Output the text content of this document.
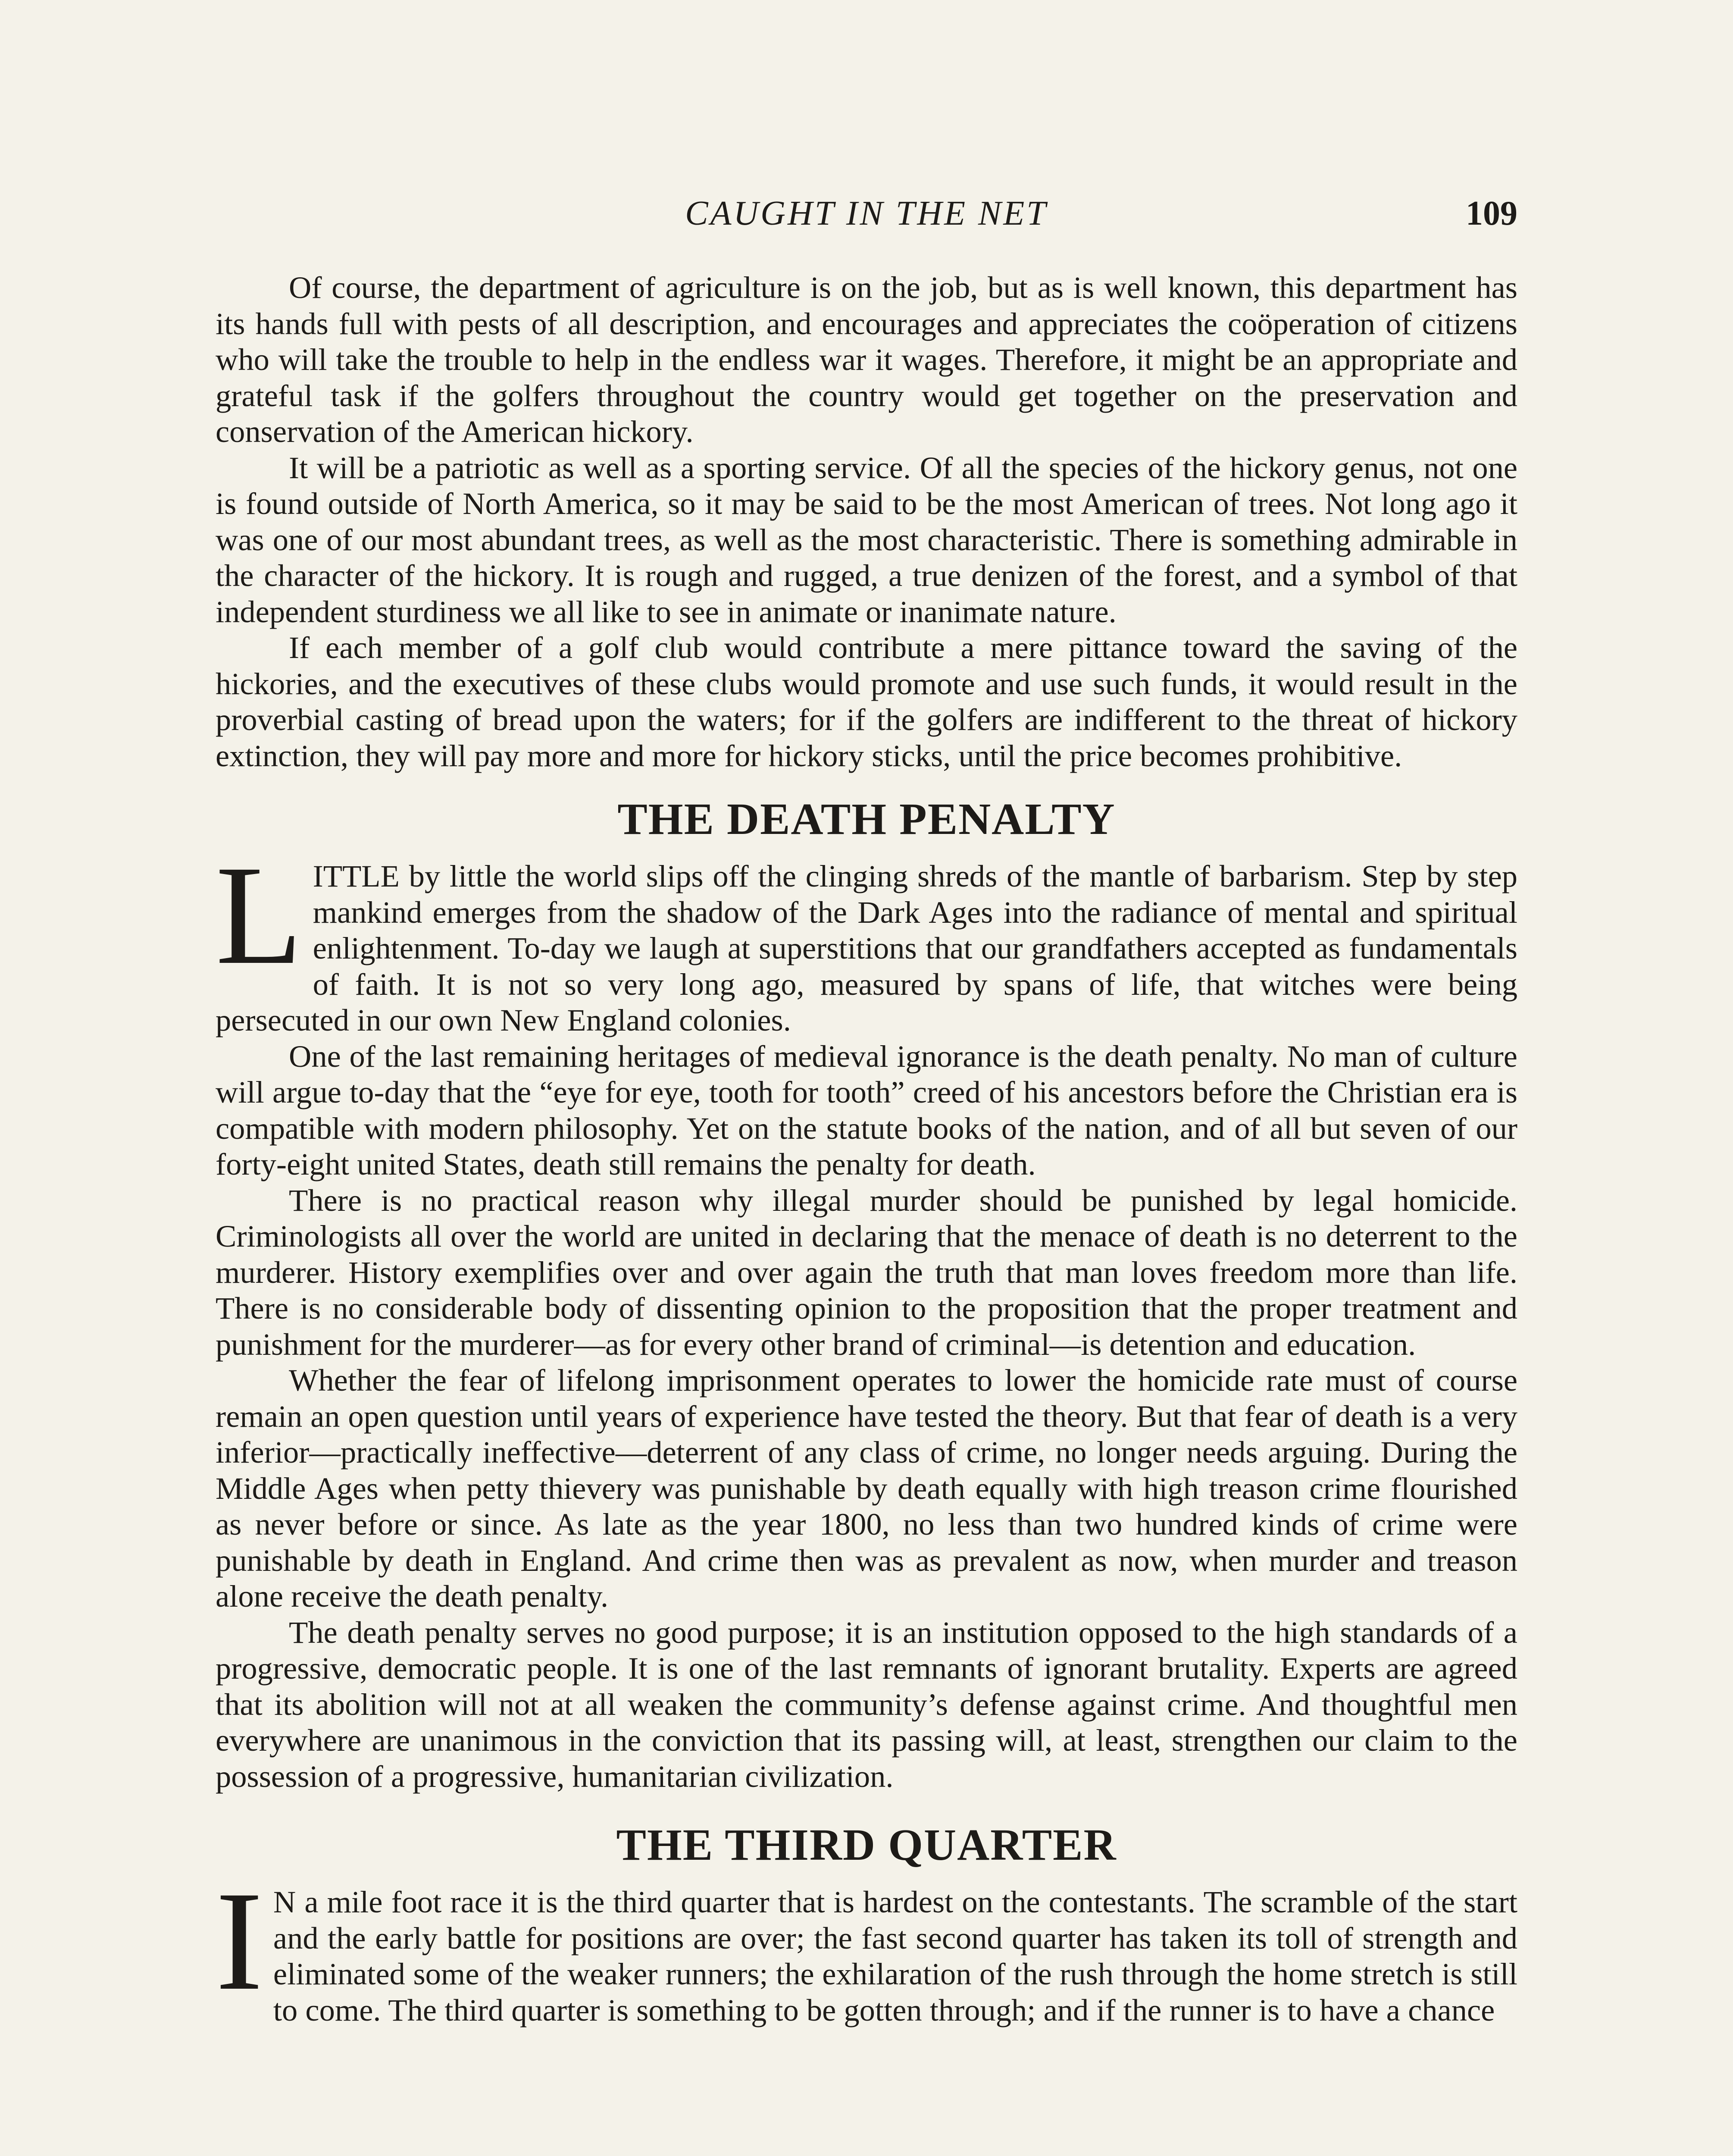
CAUGHT IN THE NET	109

Of course, the department of agriculture is on the job, but as is well known, this department has its hands full with pests of all description, and encourages and appreciates the coöperation of citizens who will take the trouble to help in the endless war it wages. Therefore, it might be an appropriate and grateful task if the golfers throughout the country would get together on the preservation and conservation of the American hickory.

It will be a patriotic as well as a sporting service. Of all the species of the hickory genus, not one is found outside of North America, so it may be said to be the most American of trees. Not long ago it was one of our most abundant trees, as well as the most characteristic. There is something admirable in the character of the hickory. It is rough and rugged, a true denizen of the forest, and a symbol of that independent sturdiness we all like to see in animate or inanimate nature.

If each member of a golf club would contribute a mere pittance toward the saving of the hickories, and the executives of these clubs would promote and use such funds, it would result in the proverbial casting of bread upon the waters; for if the golfers are indifferent to the threat of hickory extinction, they will pay more and more for hickory sticks, until the price becomes prohibitive.

THE DEATH PENALTY

LITTLE by little the world slips off the clinging shreds of the mantle of barbarism. Step by step mankind emerges from the shadow of the Dark Ages into the radiance of mental and spiritual enlightenment. To-day we laugh at superstitions that our grandfathers accepted as fundamentals of faith. It is not so very long ago, measured by spans of life, that witches were being persecuted in our own New England colonies.

One of the last remaining heritages of medieval ignorance is the death penalty. No man of culture will argue to-day that the “eye for eye, tooth for tooth” creed of his ancestors before the Christian era is compatible with modern philosophy. Yet on the statute books of the nation, and of all but seven of our forty-eight united States, death still remains the penalty for death.

There is no practical reason why illegal murder should be punished by legal homicide. Criminologists all over the world are united in declaring that the menace of death is no deterrent to the murderer. History exemplifies over and over again the truth that man loves freedom more than life. There is no considerable body of dissenting opinion to the proposition that the proper treatment and punishment for the murderer—as for every other brand of criminal—is detention and education.

Whether the fear of lifelong imprisonment operates to lower the homicide rate must of course remain an open question until years of experience have tested the theory. But that fear of death is a very inferior—practically ineffective—deterrent of any class of crime, no longer needs arguing. During the Middle Ages when petty thievery was punishable by death equally with high treason crime flourished as never before or since. As late as the year 1800, no less than two hundred kinds of crime were punishable by death in England. And crime then was as prevalent as now, when murder and treason alone receive the death penalty.

The death penalty serves no good purpose; it is an institution opposed to the high standards of a progressive, democratic people. It is one of the last remnants of ignorant brutality. Experts are agreed that its abolition will not at all weaken the community’s defense against crime. And thoughtful men everywhere are unanimous in the conviction that its passing will, at least, strengthen our claim to the possession of a progressive, humanitarian civilization.

THE THIRD QUARTER

I N a mile foot race it is the third quarter that is hardest on the contestants. The scramble of the start and the early battle for positions are over; the fast second quarter has taken its toll of strength and eliminated some of the weaker runners; the exhilaration of the rush through the home stretch is still to come. The third quarter is something to be gotten through; and if the runner is to have a chance
